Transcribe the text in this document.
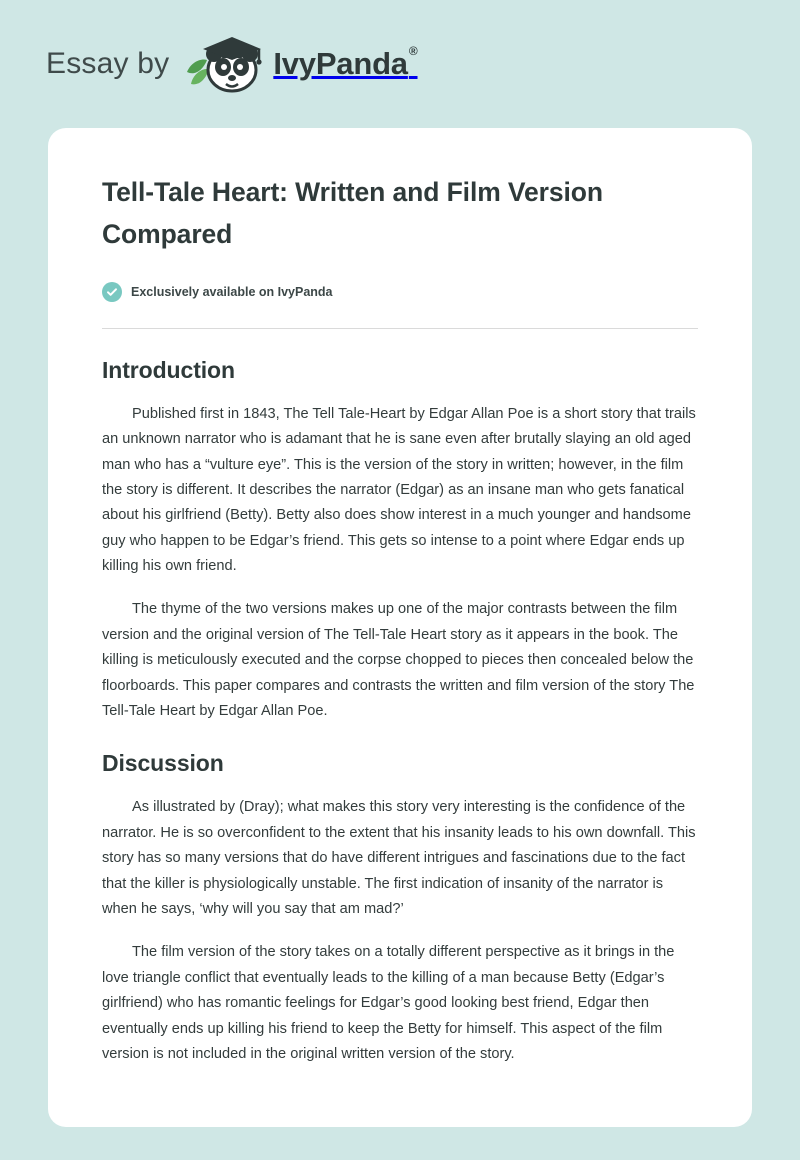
Essay by	IvyPanda®
Tell-Tale Heart: Written and Film Version Compared
Exclusively available on IvyPanda
Introduction

Published first in 1843, The Tell Tale-Heart by Edgar Allan Poe is a short story that trails an unknown narrator who is adamant that he is sane even after brutally slaying an old aged man who has a “vulture eye”. This is the version of the story in written; however, in the film the story is different. It describes the narrator (Edgar) as an insane man who gets fanatical about his girlfriend (Betty). Betty also does show interest in a much younger and handsome guy who happen to be Edgar’s friend. This gets so intense to a point where Edgar ends up killing his own friend.

The thyme of the two versions makes up one of the major contrasts between the film version and the original version of The Tell-Tale Heart story as it appears in the book. The killing is meticulously executed and the corpse chopped to pieces then concealed below the floorboards. This paper compares and contrasts the written and film version of the story The Tell-Tale Heart by Edgar Allan Poe.

Discussion

As illustrated by (Dray); what makes this story very interesting is the confidence of the narrator. He is so overconfident to the extent that his insanity leads to his own downfall. This story has so many versions that do have different intrigues and fascinations due to the fact that the killer is physiologically unstable. The first indication of insanity of the narrator is when he says, ‘why will you say that am mad?’

The film version of the story takes on a totally different perspective as it brings in the love triangle conflict that eventually leads to the killing of a man because Betty (Edgar’s girlfriend) who has romantic feelings for Edgar’s good looking best friend, Edgar then eventually ends up killing his friend to keep the Betty for himself. This aspect of the film version is not included in the original written version of the story.
